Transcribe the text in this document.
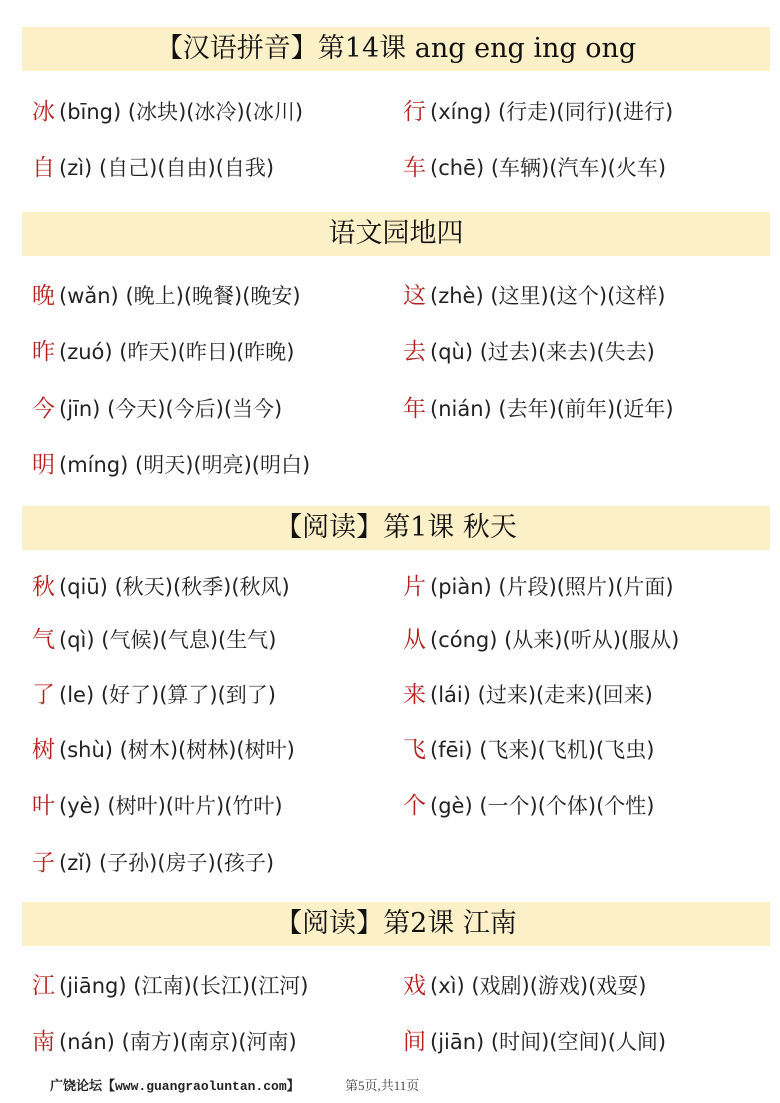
广饶论坛【www.guangraoluntan.com】	第5页,共11页
【汉语拼音】第14课 ang eng ing ong
冰 (bīng) (冰块)(冰冷)(冰川)	行 (xíng) (行走)(同行)(进行)
自 (zì) (自己)(自由)(自我)	车 (chē) (车辆)(汽车)(火车)
语文园地四
晚 (wǎn) (晚上)(晚餐)(晚安)	这 (zhè) (这里)(这个)(这样)
昨 (zuó) (昨天)(昨日)(昨晚)	去 (qù) (过去)(来去)(失去)
今 (jīn) (今天)(今后)(当今)	年 (nián) (去年)(前年)(近年)
明 (míng) (明天)(明亮)(明白)
【阅读】第1课 秋天
秋 (qiū) (秋天)(秋季)(秋风)	片 (piàn) (片段)(照片)(片面)
气 (qì) (气候)(气息)(生气)	从 (cóng) (从来)(听从)(服从)
了 (le) (好了)(算了)(到了)	来 (lái) (过来)(走来)(回来)
树 (shù) (树木)(树林)(树叶)	飞 (fēi) (飞来)(飞机)(飞虫)
叶 (yè) (树叶)(叶片)(竹叶)	个 (gè) (一个)(个体)(个性)
子 (zǐ) (子孙)(房子)(孩子)
【阅读】第2课 江南
江 (jiāng) (江南)(长江)(江河)	戏 (xì) (戏剧)(游戏)(戏耍)
南 (nán) (南方)(南京)(河南)	间 (jiān) (时间)(空间)(人间)
